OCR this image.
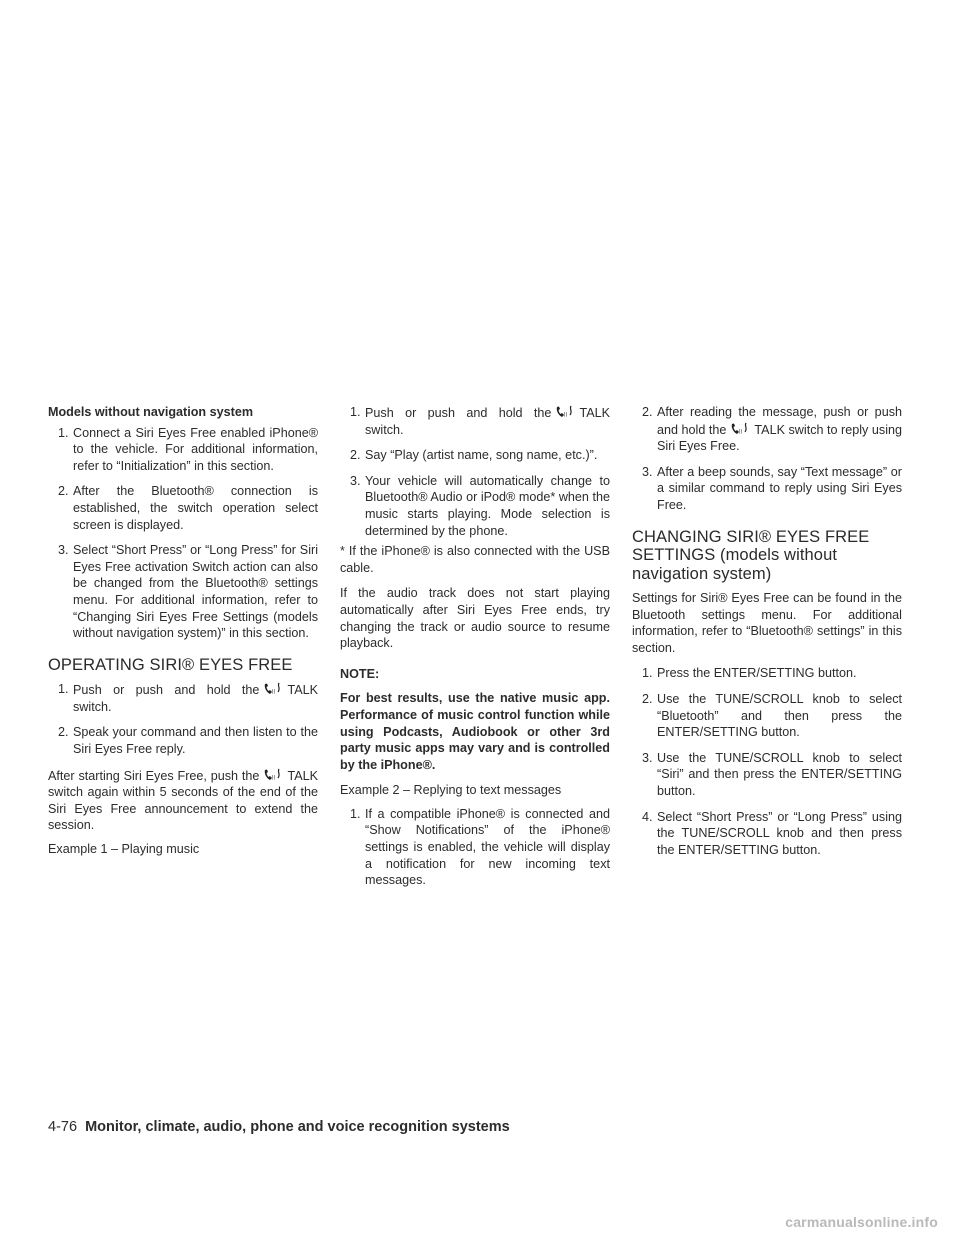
Models without navigation system
1. Connect a Siri Eyes Free enabled iPhone® to the vehicle. For additional information, refer to “Initialization” in this section.
2. After the Bluetooth® connection is established, the switch operation select screen is displayed.
3. Select “Short Press” or “Long Press” for Siri Eyes Free activation Switch action can also be changed from the Bluetooth® settings menu. For additional information, refer to “Changing Siri Eyes Free Settings (models without navigation system)” in this section.
OPERATING SIRI® EYES FREE
1. Push or push and hold the	(( TALK switch.
2. Speak your command and then listen to the Siri Eyes Free reply.

After starting Siri Eyes Free, push the	(( TALK switch again within 5 seconds of the end of the Siri Eyes Free announcement to extend the session.

Example 1 – Playing music

1. Push or push and hold the	(( TALK switch.
2. Say “Play (artist name, song name, etc.)”.
3. Your vehicle will automatically change to Bluetooth® Audio or iPod® mode* when the music starts playing. Mode selection is determined by the phone.

* If the iPhone® is also connected with the USB cable.

If the audio track does not start playing automatically after Siri Eyes Free ends, try changing the track or audio source to resume playback.

NOTE:

For best results, use the native music app. Performance of music control function while using Podcasts, Audiobook or other 3rd party music apps may vary and is controlled by the iPhone®.

Example 2 – Replying to text messages

1. If a compatible iPhone® is connected and “Show Notifications” of the iPhone® settings is enabled, the vehicle will display a notification for new incoming text messages.
2. After reading the message, push or push and hold the	(( TALK switch to reply using Siri Eyes Free.
3. After a beep sounds, say “Text message” or a similar command to reply using Siri Eyes Free.
CHANGING SIRI® EYES FREE SETTINGS (models without navigation system)

Settings for Siri® Eyes Free can be found in the Bluetooth settings menu. For additional information, refer to “Bluetooth® settings” in this section.

1. Press the ENTER/SETTING button.
2. Use the TUNE/SCROLL knob to select “Bluetooth” and then press the ENTER/SETTING button.
3. Use the TUNE/SCROLL knob to select “Siri” and then press the ENTER/SETTING button.
4. Select “Short Press” or “Long Press” using the TUNE/SCROLL knob and then press the ENTER/SETTING button.
4-76 Monitor, climate, audio, phone and voice recognition systems
carmanualsonline.info
